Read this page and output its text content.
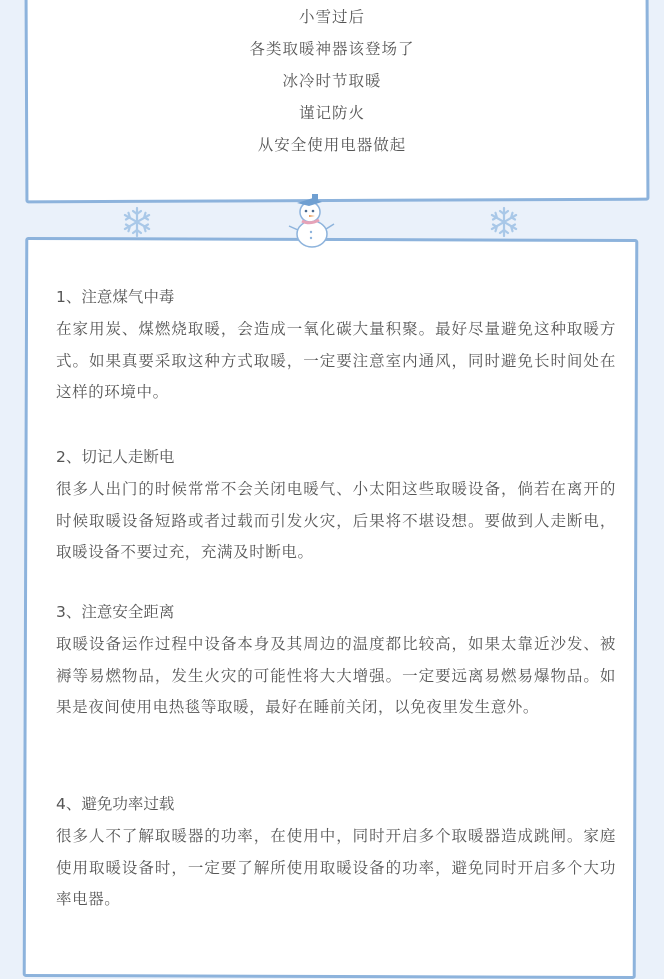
小雪过后
各类取暖神器该登场了
冰冷时节取暖
谨记防火
从安全使用电器做起

1、注意煤气中毒

在家用炭、煤燃烧取暖，会造成一氧化碳大量积聚。最好尽量避免这种取暖方式。如果真要采取这种方式取暖，一定要注意室内通风，同时避免长时间处在这样的环境中。

2、切记人走断电

很多人出门的时候常常不会关闭电暖气、小太阳这些取暖设备，倘若在离开的时候取暖设备短路或者过载而引发火灾，后果将不堪设想。要做到人走断电，取暖设备不要过充，充满及时断电。

3、注意安全距离

取暖设备运作过程中设备本身及其周边的温度都比较高，如果太靠近沙发、被褥等易燃物品，发生火灾的可能性将大大增强。一定要远离易燃易爆物品。如果是夜间使用电热毯等取暖，最好在睡前关闭，以免夜里发生意外。

4、避免功率过载

很多人不了解取暖器的功率，在使用中，同时开启多个取暖器造成跳闸。家庭使用取暖设备时，一定要了解所使用取暖设备的功率，避免同时开启多个大功率电器。
